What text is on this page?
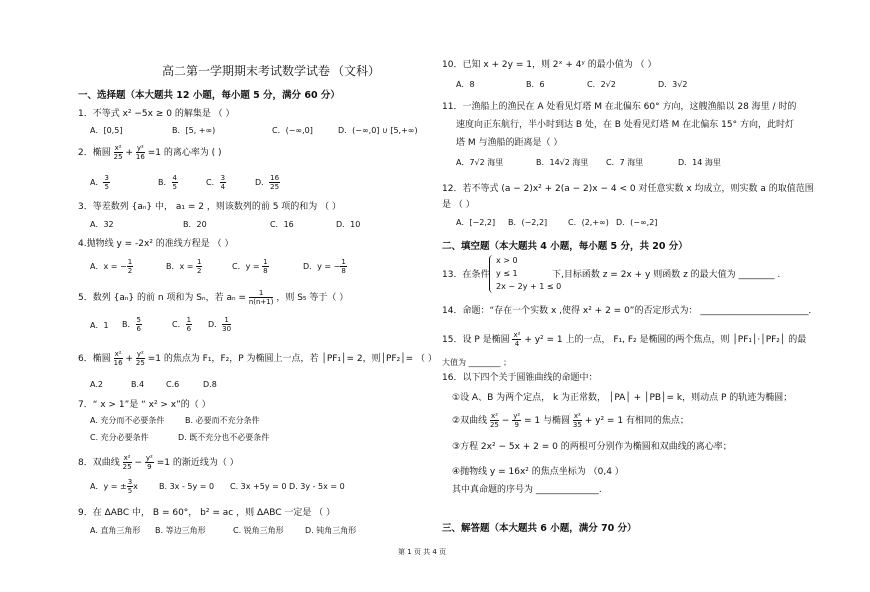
高二第一学期期末考试数学试卷 （文科）
一、选择题（本大题共 12 小题，每小题 5 分，满分 60 分）
1．不等式 x² −5x ≥ 0 的解集是 （ ）
A．[0,5]	B．[5, +∞)	C．(−∞,0]	D．(−∞,0] ∪ [5,+∞)
2．椭圆 $\frac{\text{x²}}{25} + \frac{\text{y²}}{16} =1$ 的离心率为 ( )
A． $\frac{3}{5}$	B． $\frac{4}{5}$	C． $\frac{3}{4}$	D． $\frac{16}{25}$
3．等差数列 {aₙ} 中， a₁ = 2 ，则该数列的前 5 项的和为 （ ）
A．32	B．20	C．16	D．10
4.抛物线 y = -2x² 的准线方程是 （ ）
A．x = − $\frac{1}{2}$	B．$x = \frac{1}{2}$	C．$y = \frac{1}{8}$	D．y = − $\frac{1}{8}$
5．数列 {aₙ} 的前 n 项和为 Sₙ，若 $a_n = \frac{1}{n(n+1)}$ ，则 S₅ 等于（ ）
A．1 B． $\frac{5}{6}$	C． $\frac{1}{6}$ D． $\frac{1}{30}$
6．椭圆 $\frac{\text{x²}}{16} + \frac{\text{y²}}{25} =1$ 的焦点为 F₁，F₂，P 为椭圆上一点，若 │PF₁│= 2，则│PF₂│= （ ）
A.2	B.4	C.6	D.8
7．“ x > 1”是 “ x² > x”的（ ）
A. 充分而不必要条件	B. 必要而不充分条件
C. 充分必要条件	D. 既不充分也不必要条件
8．双曲线 $\frac{\text{x²}}{25} - \frac{\text{y²}}{9} =1$ 的渐近线为（ ）
A．y = ± $\frac{3}{5}$ x	B. 3x - 5y = 0 C. 3x +5y = 0 D. 3y - 5x = 0
9．在 ΔABC 中， B = 60°， b² = ac ，则 ΔABC 一定是 （ ）
A. 直角三角形 B. 等边三角形	C. 锐角三角形	D. 钝角三角形
10．已知 x + 2y = 1，则 2ˣ + 4ʸ 的最小值为 （ ）
A．8	B．6	C．2√2	D．3√2
11．一渔船上的渔民在 A 处看见灯塔 M 在北偏东 60° 方向，这艘渔船以 28 海里 / 时的
速度向正东航行，半小时到达 B 处，在 B 处看见灯塔 M 在北偏东 15° 方向，此时灯
塔 M 与渔船的距离是（ ）
A．7√2 海里	B．14√2 海里 C．7 海里	D．14 海里
12．若不等式 (a − 2)x² + 2(a − 2)x − 4 < 0 对任意实数 x 均成立，则实数 a 的取值范围
是 （ ）
A．[−2,2] B．(−2,2]	C．(2,+∞) D．(−∞,2]
二、填空题（本大题共 4 小题，每小题 5 分，共 20 分）
13．在条件
x > 0
y ≤ 1
2x − 2y + 1 ≤ 0
下,目标函数 z = 2x + y 则函数 z 的最大值为 ________ .
14．命题：“存在一个实数 x ,使得 x² + 2 = 0”的否定形式为： ________________________．
15．设 P 是椭圆 $\frac{\text{x²}}{4} + y^2 = 1$ 上的一点， F₁, F₂ 是椭圆的两个焦点，则 │PF₁│·│PF₂│ 的最
大值为 ________ ；
16．以下四个关于圆锥曲线的命题中：
①设 A、B 为两个定点， k 为正常数， │PA│ + │PB│= k，则动点 P 的轨迹为椭圆；
②双曲线 $\frac{\text{x²}}{25} - \frac{\text{y²}}{9} = 1$ 与椭圆 $\frac{\text{x²}}{35} + y^2 = 1$ 有相同的焦点；
③方程 2x² − 5x + 2 = 0 的两根可分别作为椭圆和双曲线的离心率；
④抛物线 y = 16x² 的焦点坐标为 （0,4 ）
其中真命题的序号为 ______________.
三、解答题（本大题共 6 小题，满分 70 分）
第 1 页 共 4 页
